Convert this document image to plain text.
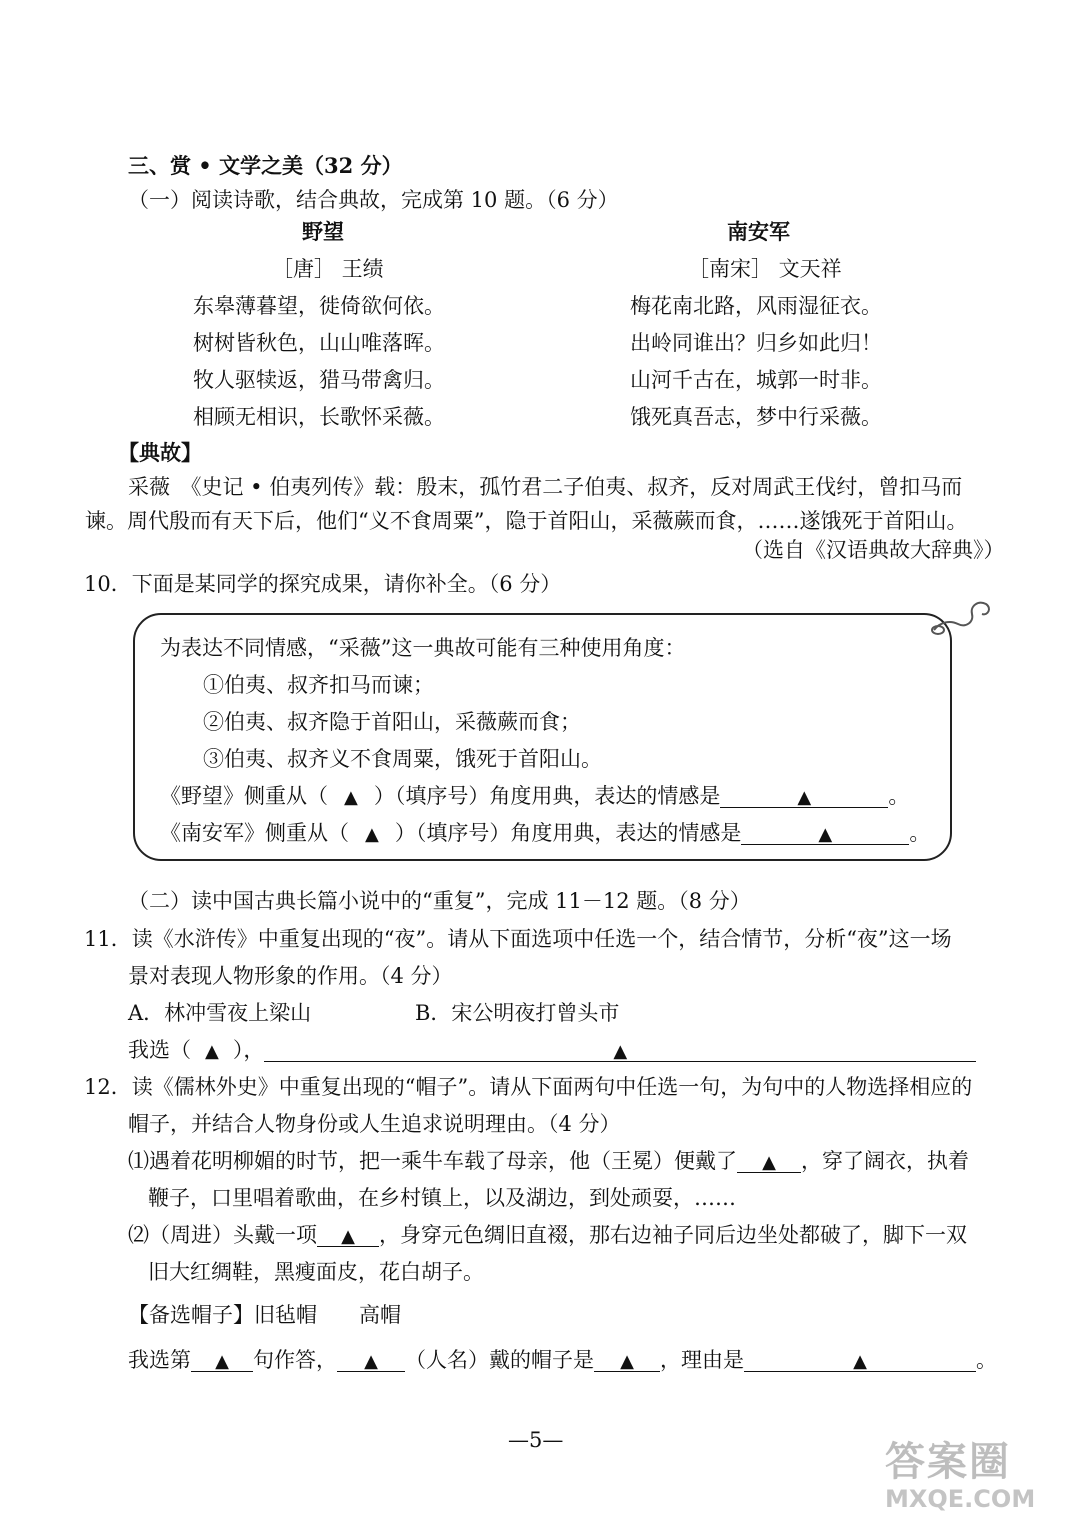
三、赏 • 文学之美（32 分）
（一）阅读诗歌，结合典故，完成第 10 题。（6 分）
野望
［唐］ 王绩
东皋薄暮望，徙倚欲何依。
树树皆秋色，山山唯落晖。
牧人驱犊返，猎马带禽归。
相顾无相识，长歌怀采薇。
南安军
［南宋］ 文天祥
梅花南北路，风雨湿征衣。
出岭同谁出？归乡如此归！
山河千古在，城郭一时非。
饿死真吾志，梦中行采薇。
【典故】
采薇　《史记 • 伯夷列传》载：殷末，孤竹君二子伯夷、叔齐，反对周武王伐纣，曾扣马而
谏。周代殷而有天下后，他们“义不食周粟”，隐于首阳山，采薇蕨而食，……遂饿死于首阳山。
（选自《汉语典故大辞典》）
10．下面是某同学的探究成果，请你补全。（6 分）

为表达不同情感，“采薇”这一典故可能有三种使用角度：
①伯夷、叔齐扣马而谏；
②伯夷、叔齐隐于首阳山，采薇蕨而食；
③伯夷、叔齐义不食周粟，饿死于首阳山。
《野望》侧重从（ ▲ ）（填序号）角度用典，表达的情感是	▲	。
《南安军》侧重从（ ▲ ）（填序号）角度用典，表达的情感是	▲	。
（二）读中国古典长篇小说中的“重复”，完成 11－12 题。（8 分）
11．读《水浒传》中重复出现的“夜”。请从下面选项中任选一个，结合情节，分析“夜”这一场
景对表现人物形象的作用。（4 分）
A．林冲雪夜上梁山	B．宋公明夜打曾头市
我选（ ▲ ），	▲
12．读《儒林外史》中重复出现的“帽子”。请从下面两句中任选一句，为句中的人物选择相应的
帽子，并结合人物身份或人生追求说明理由。（4 分）
⑴遇着花明柳媚的时节，把一乘牛车载了母亲，他（王冕）便戴了 ▲ ，穿了阔衣，执着
鞭子，口里唱着歌曲，在乡村镇上，以及湖边，到处顽耍，……
⑵（周进）头戴一项 ▲ ，身穿元色绸旧直裰，那右边袖子同后边坐处都破了，脚下一双
旧大红绸鞋，黑瘦面皮，花白胡子。
【备选帽子】旧毡帽　　高帽
我选第 ▲ 句作答， ▲ （人名）戴的帽子是 ▲ ，理由是	▲	。
—5—	答案圈
MXQE.COM
